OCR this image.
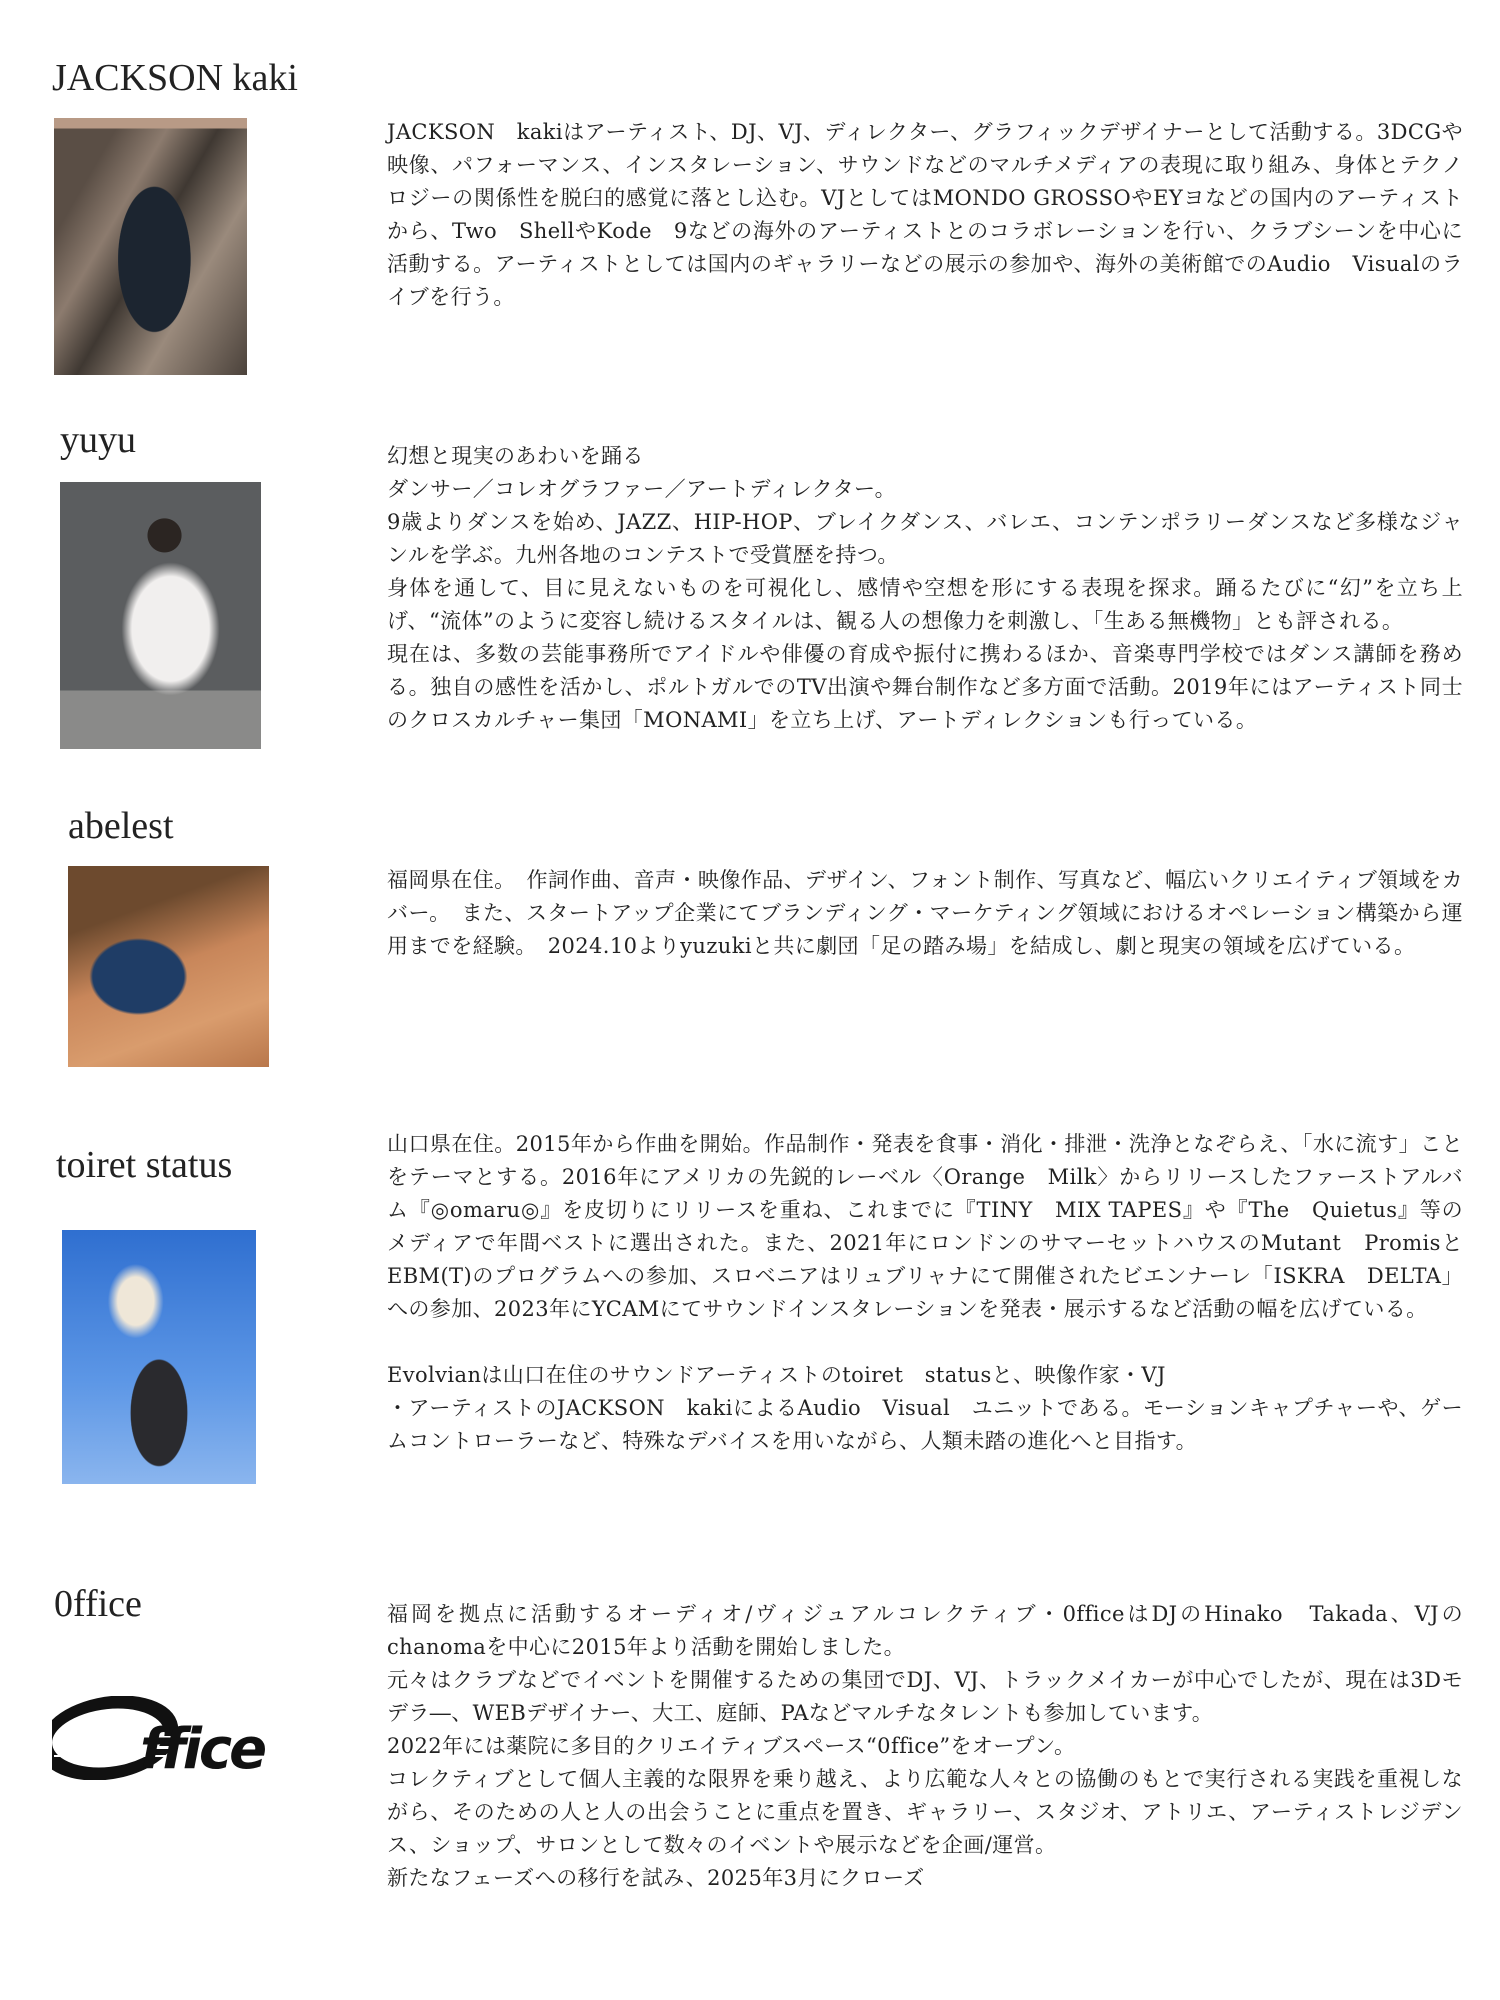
JACKSON kaki

JACKSON　kakiはアーティスト、DJ、VJ、ディレクター、グラフィックデザイナーとして活動する。3DCGや映像、パフォーマンス、インスタレーション、サウンドなどのマルチメディアの表現に取り組み、身体とテクノロジーの関係性を脱臼的感覚に落とし込む。VJとしてはMONDO GROSSOやEYヨなどの国内のアーティストから、Two　ShellやKode　9などの海外のアーティストとのコラボレーションを行い、クラブシーンを中心に活動する。アーティストとしては国内のギャラリーなどの展示の参加や、海外の美術館でのAudio　Visualのライブを行う。

yuyu	幻想と現実のあわいを踊る

ダンサー／コレオグラファー／アートディレクター。

9歳よりダンスを始め、JAZZ、HIP-HOP、ブレイクダンス、バレエ、コンテンポラリーダンスなど多様なジャンルを学ぶ。九州各地のコンテストで受賞歴を持つ。

身体を通して、目に見えないものを可視化し、感情や空想を形にする表現を探求。踊るたびに“幻”を立ち上げ、“流体”のように変容し続けるスタイルは、観る人の想像力を刺激し、「生ある無機物」とも評される。

現在は、多数の芸能事務所でアイドルや俳優の育成や振付に携わるほか、音楽専門学校ではダンス講師を務める。独自の感性を活かし、ポルトガルでのTV出演や舞台制作など多方面で活動。2019年にはアーティスト同士のクロスカルチャー集団「MONAMI」を立ち上げ、アートディレクションも行っている。

abelest

福岡県在住。　作詞作曲、音声・映像作品、デザイン、フォント制作、写真など、幅広いクリエイティブ領域をカバー。　また、スタートアップ企業にてブランディング・マーケティング領域におけるオペレーション構築から運用までを経験。　2024.10よりyuzukiと共に劇団「足の踏み場」を結成し、劇と現実の領域を広げている。

toiret status	山口県在住。2015年から作曲を開始。作品制作・発表を食事・消化・排泄・洗浄となぞらえ、「水に流す」ことをテーマとする。2016年にアメリカの先鋭的レーベル〈Orange　Milk〉からリリースしたファーストアルバム『◎omaru◎』を皮切りにリリースを重ね、これまでに『TINY　MIX TAPES』や『The　Quietus』等のメディアで年間ベストに選出された。また、2021年にロンドンのサマーセットハウスのMutant　PromisとEBM(T)のプログラムへの参加、スロベニアはリュブリャナにて開催されたビエンナーレ「ISKRA　DELTA」への参加、2023年にYCAMにてサウンドインスタレーションを発表・展示するなど活動の幅を広げている。

Evolvianは山口在住のサウンドアーティストのtoiret　statusと、映像作家・VJ

・アーティストのJACKSON　kakiによるAudio　Visual　ユニットである。モーションキャプチャーや、ゲームコントローラーなど、特殊なデバイスを用いながら、人類未踏の進化へと目指す。

0ffice
ffice

福岡を拠点に活動するオーディオ/ヴィジュアルコレクティブ・0fficeはDJのHinako　Takada、VJのchanomaを中心に2015年より活動を開始しました。

元々はクラブなどでイベントを開催するための集団でDJ、VJ、トラックメイカーが中心でしたが、現在は3Dモデラ―、WEBデザイナー、大工、庭師、PAなどマルチなタレントも参加しています。

2022年には薬院に多目的クリエイティブスペース“0ffice”をオープン。

コレクティブとして個人主義的な限界を乗り越え、より広範な人々との協働のもとで実行される実践を重視しながら、そのための人と人の出会うことに重点を置き、ギャラリー、スタジオ、アトリエ、アーティストレジデンス、ショップ、サロンとして数々のイベントや展示などを企画/運営。

新たなフェーズへの移行を試み、2025年3月にクローズ
